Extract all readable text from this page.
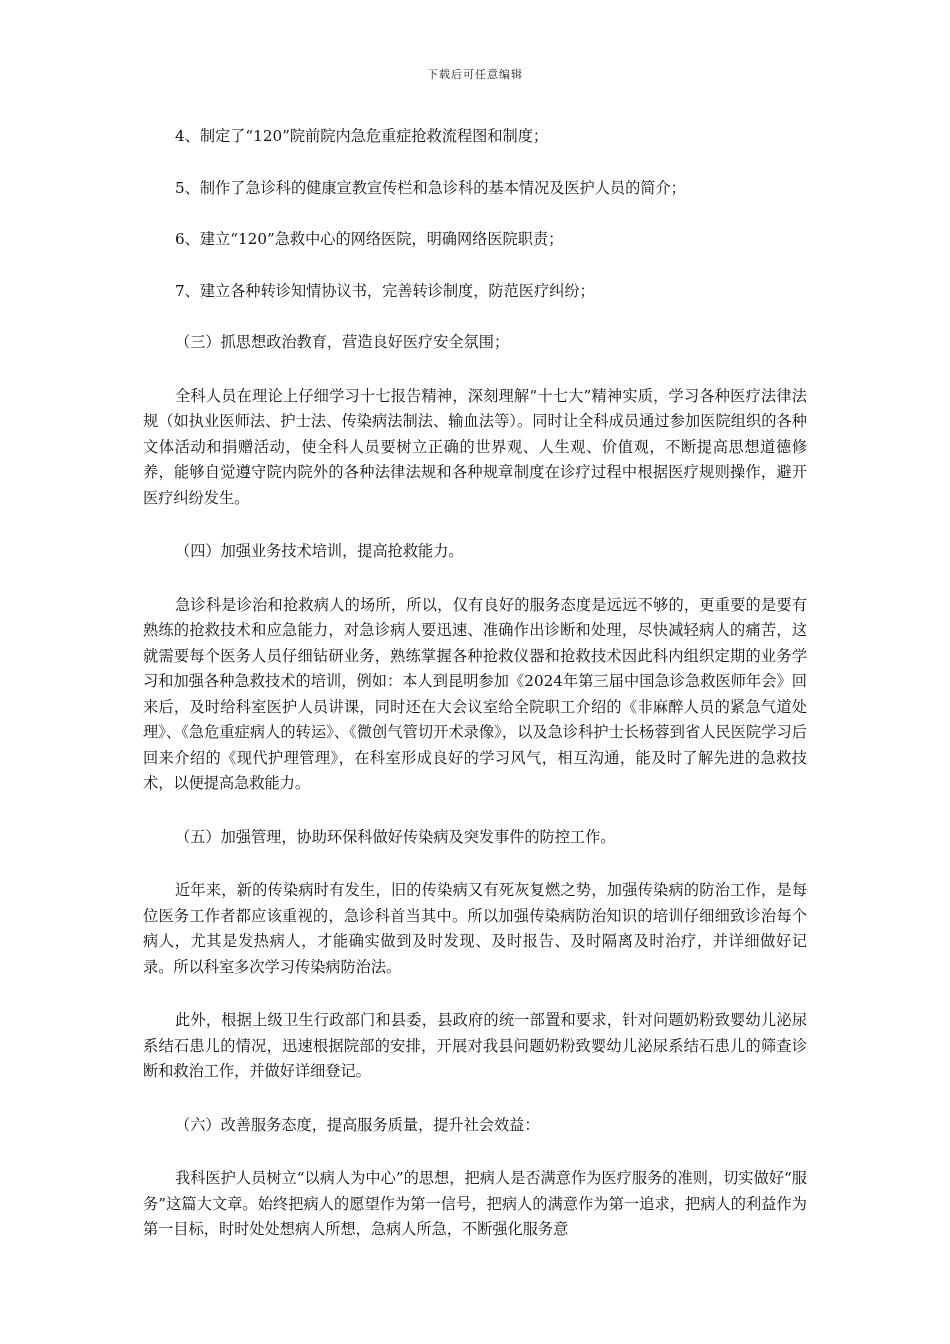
下载后可任意编辑

4、制定了“120”院前院内急危重症抢救流程图和制度；

5、制作了急诊科的健康宣教宣传栏和急诊科的基本情况及医护人员的简介；

6、建立“120”急救中心的网络医院，明确网络医院职责；

7、建立各种转诊知情协议书，完善转诊制度，防范医疗纠纷；

（三）抓思想政治教育，营造良好医疗安全氛围；

全科人员在理论上仔细学习十七报告精神，深刻理解“十七大”精神实质，学习各种医疗法律法规（如执业医师法、护士法、传染病法制法、输血法等）。同时让全科成员通过参加医院组织的各种文体活动和捐赠活动，使全科人员要树立正确的世界观、人生观、价值观，不断提高思想道德修养，能够自觉遵守院内院外的各种法律法规和各种规章制度在诊疗过程中根据医疗规则操作，避开医疗纠纷发生。

（四）加强业务技术培训，提高抢救能力。

急诊科是诊治和抢救病人的场所，所以，仅有良好的服务态度是远远不够的，更重要的是要有熟练的抢救技术和应急能力，对急诊病人要迅速、准确作出诊断和处理，尽快减轻病人的痛苦，这就需要每个医务人员仔细钻研业务，熟练掌握各种抢救仪器和抢救技术因此科内组织定期的业务学习和加强各种急救技术的培训，例如：本人到昆明参加《2024年第三届中国急诊急救医师年会》回来后，及时给科室医护人员讲课，同时还在大会议室给全院职工介绍的《非麻醉人员的紧急气道处理》、《急危重症病人的转运》、《微创气管切开术录像》，以及急诊科护士长杨蓉到省人民医院学习后回来介绍的《现代护理管理》，在科室形成良好的学习风气，相互沟通，能及时了解先进的急救技术，以便提高急救能力。

（五）加强管理，协助环保科做好传染病及突发事件的防控工作。

近年来，新的传染病时有发生，旧的传染病又有死灰复燃之势，加强传染病的防治工作，是每位医务工作者都应该重视的，急诊科首当其中。所以加强传染病防治知识的培训仔细细致诊治每个病人，尤其是发热病人，才能确实做到及时发现、及时报告、及时隔离及时治疗，并详细做好记录。所以科室多次学习传染病防治法。

此外，根据上级卫生行政部门和县委，县政府的统一部置和要求，针对问题奶粉致婴幼儿泌尿系结石患儿的情况，迅速根据院部的安排，开展对我县问题奶粉致婴幼儿泌尿系结石患儿的筛查诊断和救治工作，并做好详细登记。

（六）改善服务态度，提高服务质量，提升社会效益：

我科医护人员树立“以病人为中心”的思想，把病人是否满意作为医疗服务的准则，切实做好“服务”这篇大文章。始终把病人的愿望作为第一信号，把病人的满意作为第一追求，把病人的利益作为第一目标，时时处处想病人所想，急病人所急，不断强化服务意
